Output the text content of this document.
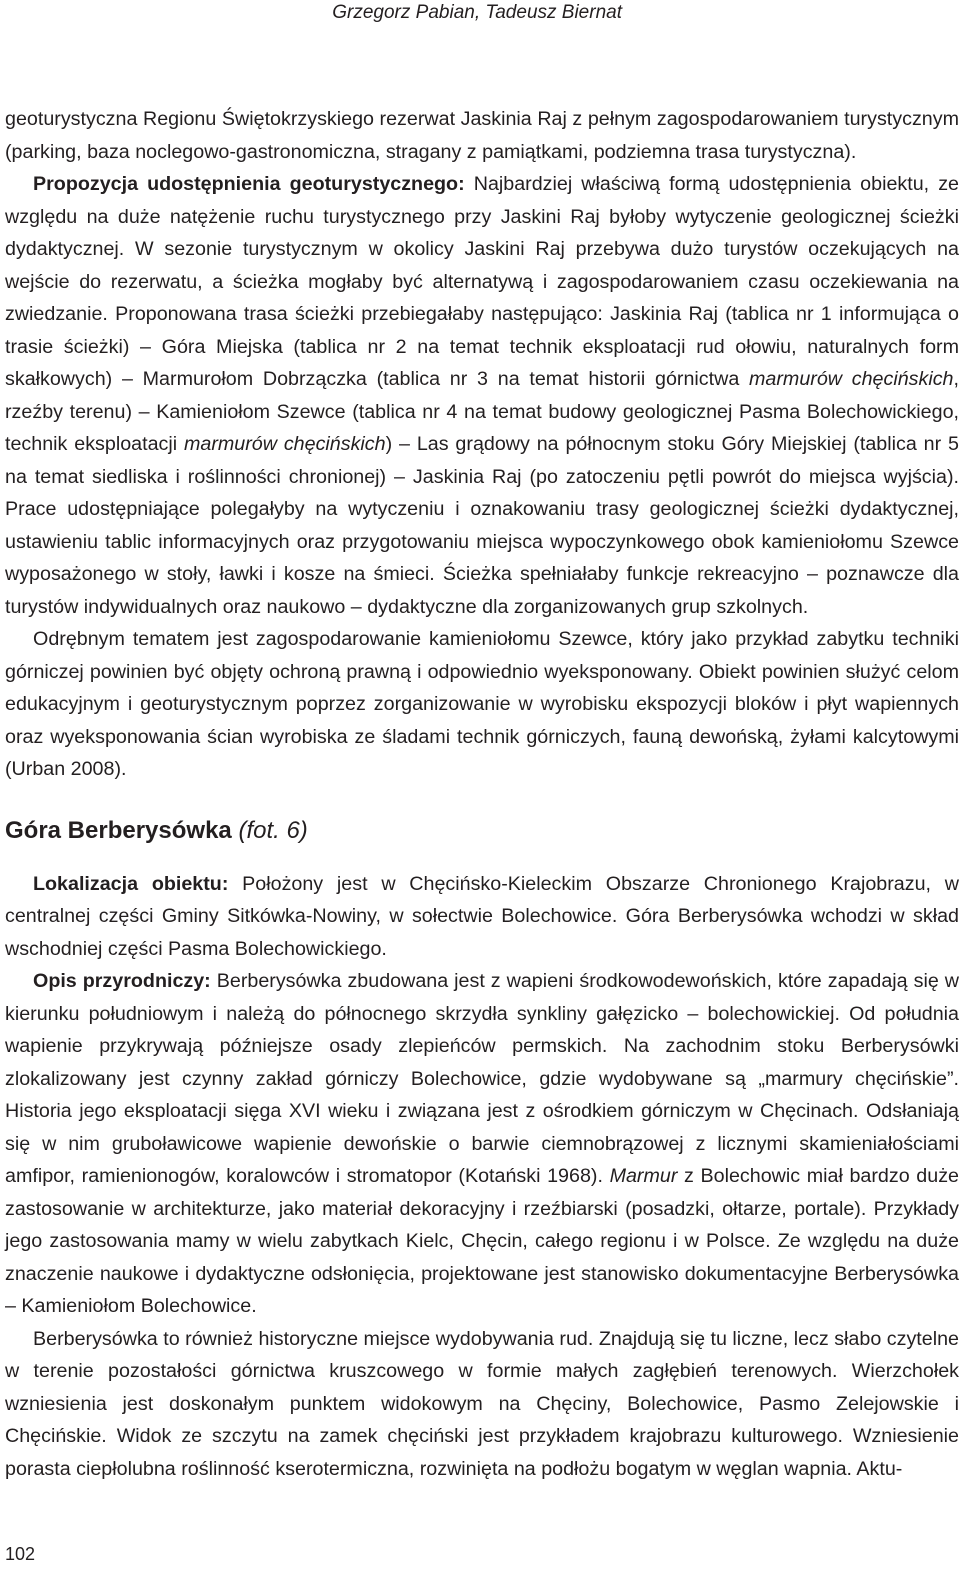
Grzegorz Pabian, Tadeusz Biernat

geoturystyczna Regionu Świętokrzyskiego rezerwat Jaskinia Raj z pełnym zagospodarowaniem turystycznym (parking, baza noclegowo-gastronomiczna, stragany z pamiątkami, podziemna trasa turystyczna).

Propozycja udostępnienia geoturystycznego: Najbardziej właściwą formą udostępnienia obiektu, ze względu na duże natężenie ruchu turystycznego przy Jaskini Raj byłoby wytyczenie geologicznej ścieżki dydaktycznej. W sezonie turystycznym w okolicy Jaskini Raj przebywa dużo turystów oczekujących na wejście do rezerwatu, a ścieżka mogłaby być alternatywą i zagospodarowaniem czasu oczekiewania na zwiedzanie. Proponowana trasa ścieżki przebiegałaby następująco: Jaskinia Raj (tablica nr 1 informująca o trasie ścieżki) – Góra Miejska (tablica nr 2 na temat technik eksploatacji rud ołowiu, naturalnych form skałkowych) – Marmurołom Dobrzączka (tablica nr 3 na temat historii górnictwa marmurów chęcińskich, rzeźby terenu) – Kamieniołom Szewce (tablica nr 4 na temat budowy geologicznej Pasma Bolechowickiego, technik eksploatacji marmurów chęcińskich) – Las grądowy na północnym stoku Góry Miejskiej (tablica nr 5 na temat siedliska i roślinności chronionej) – Jaskinia Raj (po zatoczeniu pętli powrót do miejsca wyjścia). Prace udostępniające polegałyby na wytyczeniu i oznakowaniu trasy geologicznej ścieżki dydaktycznej, ustawieniu tablic informacyjnych oraz przygotowaniu miejsca wypoczynkowego obok kamieniołomu Szewce wyposażonego w stoły, ławki i kosze na śmieci. Ścieżka spełniałaby funkcje rekreacyjno – poznawcze dla turystów indywidualnych oraz naukowo – dydaktyczne dla zorganizowanych grup szkolnych.

Odrębnym tematem jest zagospodarowanie kamieniołomu Szewce, który jako przykład zabytku techniki górniczej powinien być objęty ochroną prawną i odpowiednio wyeksponowany. Obiekt powinien służyć celom edukacyjnym i geoturystycznym poprzez zorganizowanie w wyrobisku ekspozycji bloków i płyt wapiennych oraz wyeksponowania ścian wyrobiska ze śladami technik górniczych, fauną dewońską, żyłami kalcytowymi (Urban 2008).

Góra Berberysówka (fot. 6)

Lokalizacja obiektu: Położony jest w Chęcińsko-Kieleckim Obszarze Chronionego Krajobrazu, w centralnej części Gminy Sitkówka-Nowiny, w sołectwie Bolechowice. Góra Berberysówka wchodzi w skład wschodniej części Pasma Bolechowickiego.

Opis przyrodniczy: Berberysówka zbudowana jest z wapieni środkowodewońskich, które zapadają się w kierunku południowym i należą do północnego skrzydła synkliny gałęzicko – bolechowickiej. Od południa wapienie przykrywają późniejsze osady zlepieńców permskich. Na zachodnim stoku Berberysówki zlokalizowany jest czynny zakład górniczy Bolechowice, gdzie wydobywane są „marmury chęcińskie”. Historia jego eksploatacji sięga XVI wieku i związana jest z ośrodkiem górniczym w Chęcinach. Odsłaniają się w nim gruboławicowe wapienie dewońskie o barwie ciemnobrązowej z licznymi skamieniałościami amfipor, ramienionogów, koralowców i stromatopor (Kotański 1968). Marmur z Bolechowic miał bardzo duże zastosowanie w architekturze, jako materiał dekoracyjny i rzeźbiarski (posadzki, ołtarze, portale). Przykłady jego zastosowania mamy w wielu zabytkach Kielc, Chęcin, całego regionu i w Polsce. Ze względu na duże znaczenie naukowe i dydaktyczne odsłonięcia, projektowane jest stanowisko dokumentacyjne Berberysówka – Kamieniołom Bolechowice.

Berberysówka to również historyczne miejsce wydobywania rud. Znajdują się tu liczne, lecz słabo czytelne w terenie pozostałości górnictwa kruszcowego w formie małych zagłębień terenowych. Wierzchołek wzniesienia jest doskonałym punktem widokowym na Chęciny, Bolechowice, Pasmo Zelejowskie i Chęcińskie. Widok ze szczytu na zamek chęciński jest przykładem krajobrazu kulturowego. Wzniesienie porasta ciepłolubna roślinność kserotermiczna, rozwinięta na podłożu bogatym w węglan wapnia. Aktu-

102
